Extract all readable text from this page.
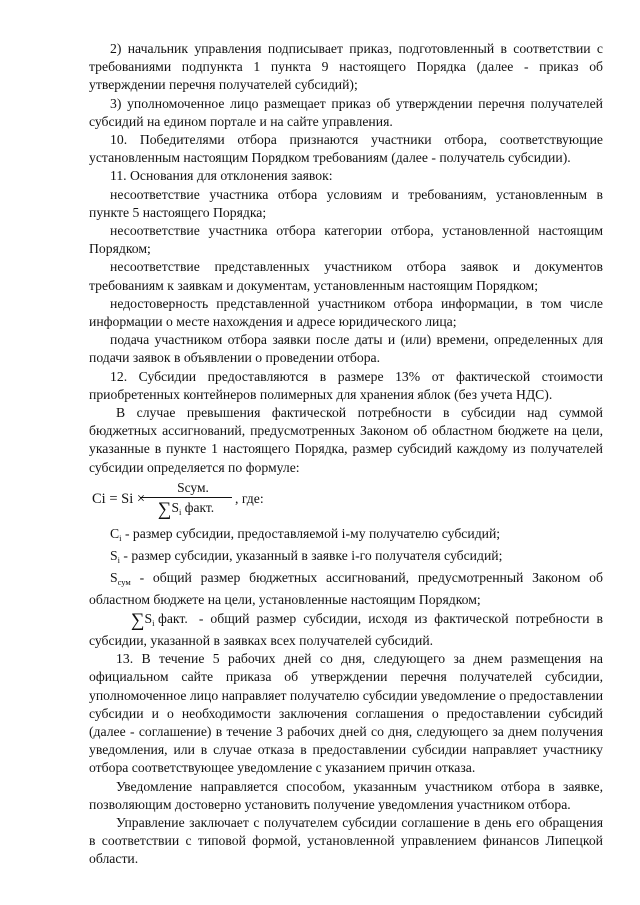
2) начальник управления подписывает приказ, подготовленный в соответствии с требованиями подпункта 1 пункта 9 настоящего Порядка (далее - приказ об утверждении перечня получателей субсидий);

3) уполномоченное лицо размещает приказ об утверждении перечня получателей субсидий на едином портале и на сайте управления.

10. Победителями отбора признаются участники отбора, соответствующие установленным настоящим Порядком требованиям (далее - получатель субсидии).

11. Основания для отклонения заявок:

несоответствие участника отбора условиям и требованиям, установленным в пункте 5 настоящего Порядка;

несоответствие участника отбора категории отбора, установленной настоящим Порядком;

несоответствие представленных участником отбора заявок и документов требованиям к заявкам и документам, установленным настоящим Порядком;

недостоверность представленной участником отбора информации, в том числе информации о месте нахождения и адресе юридического лица;

подача участником отбора заявки после даты и (или) времени, определенных для подачи заявок в объявлении о проведении отбора.

12. Субсидии предоставляются в размере 13% от фактической стоимости приобретенных контейнеров полимерных для хранения яблок (без учета НДС).

В случае превышения фактической потребности в субсидии над суммой бюджетных ассигнований, предусмотренных Законом об областном бюджете на цели, указанные в пункте 1 настоящего Порядка, размер субсидий каждому из получателей субсидии определяется по формуле:

Ci = Si ×
Sсум.
$\sum S_i$ факт.
, где:

$C_i$ - размер субсидии, предоставляемой i-му получателю субсидий;

$S_i$ - размер субсидии, указанный в заявке i-го получателя субсидий;

$S_{сум}$ - общий размер бюджетных ассигнований, предусмотренный Законом об областном бюджете на цели, установленные настоящим Порядком;

$\sum S_i$ факт. - общий размер субсидии, исходя из фактической потребности в субсидии, указанной в заявках всех получателей субсидий.

13. В течение 5 рабочих дней со дня, следующего за днем размещения на официальном сайте приказа об утверждении перечня получателей субсидии, уполномоченное лицо направляет получателю субсидии уведомление о предоставлении субсидии и о необходимости заключения соглашения о предоставлении субсидий (далее - соглашение) в течение 3 рабочих дней со дня, следующего за днем получения уведомления, или в случае отказа в предоставлении субсидии направляет участнику отбора соответствующее уведомление с указанием причин отказа.

Уведомление направляется способом, указанным участником отбора в заявке, позволяющим достоверно установить получение уведомления участником отбора.

Управление заключает с получателем субсидии соглашение в день его обращения в соответствии с типовой формой, установленной управлением финансов Липецкой области.
